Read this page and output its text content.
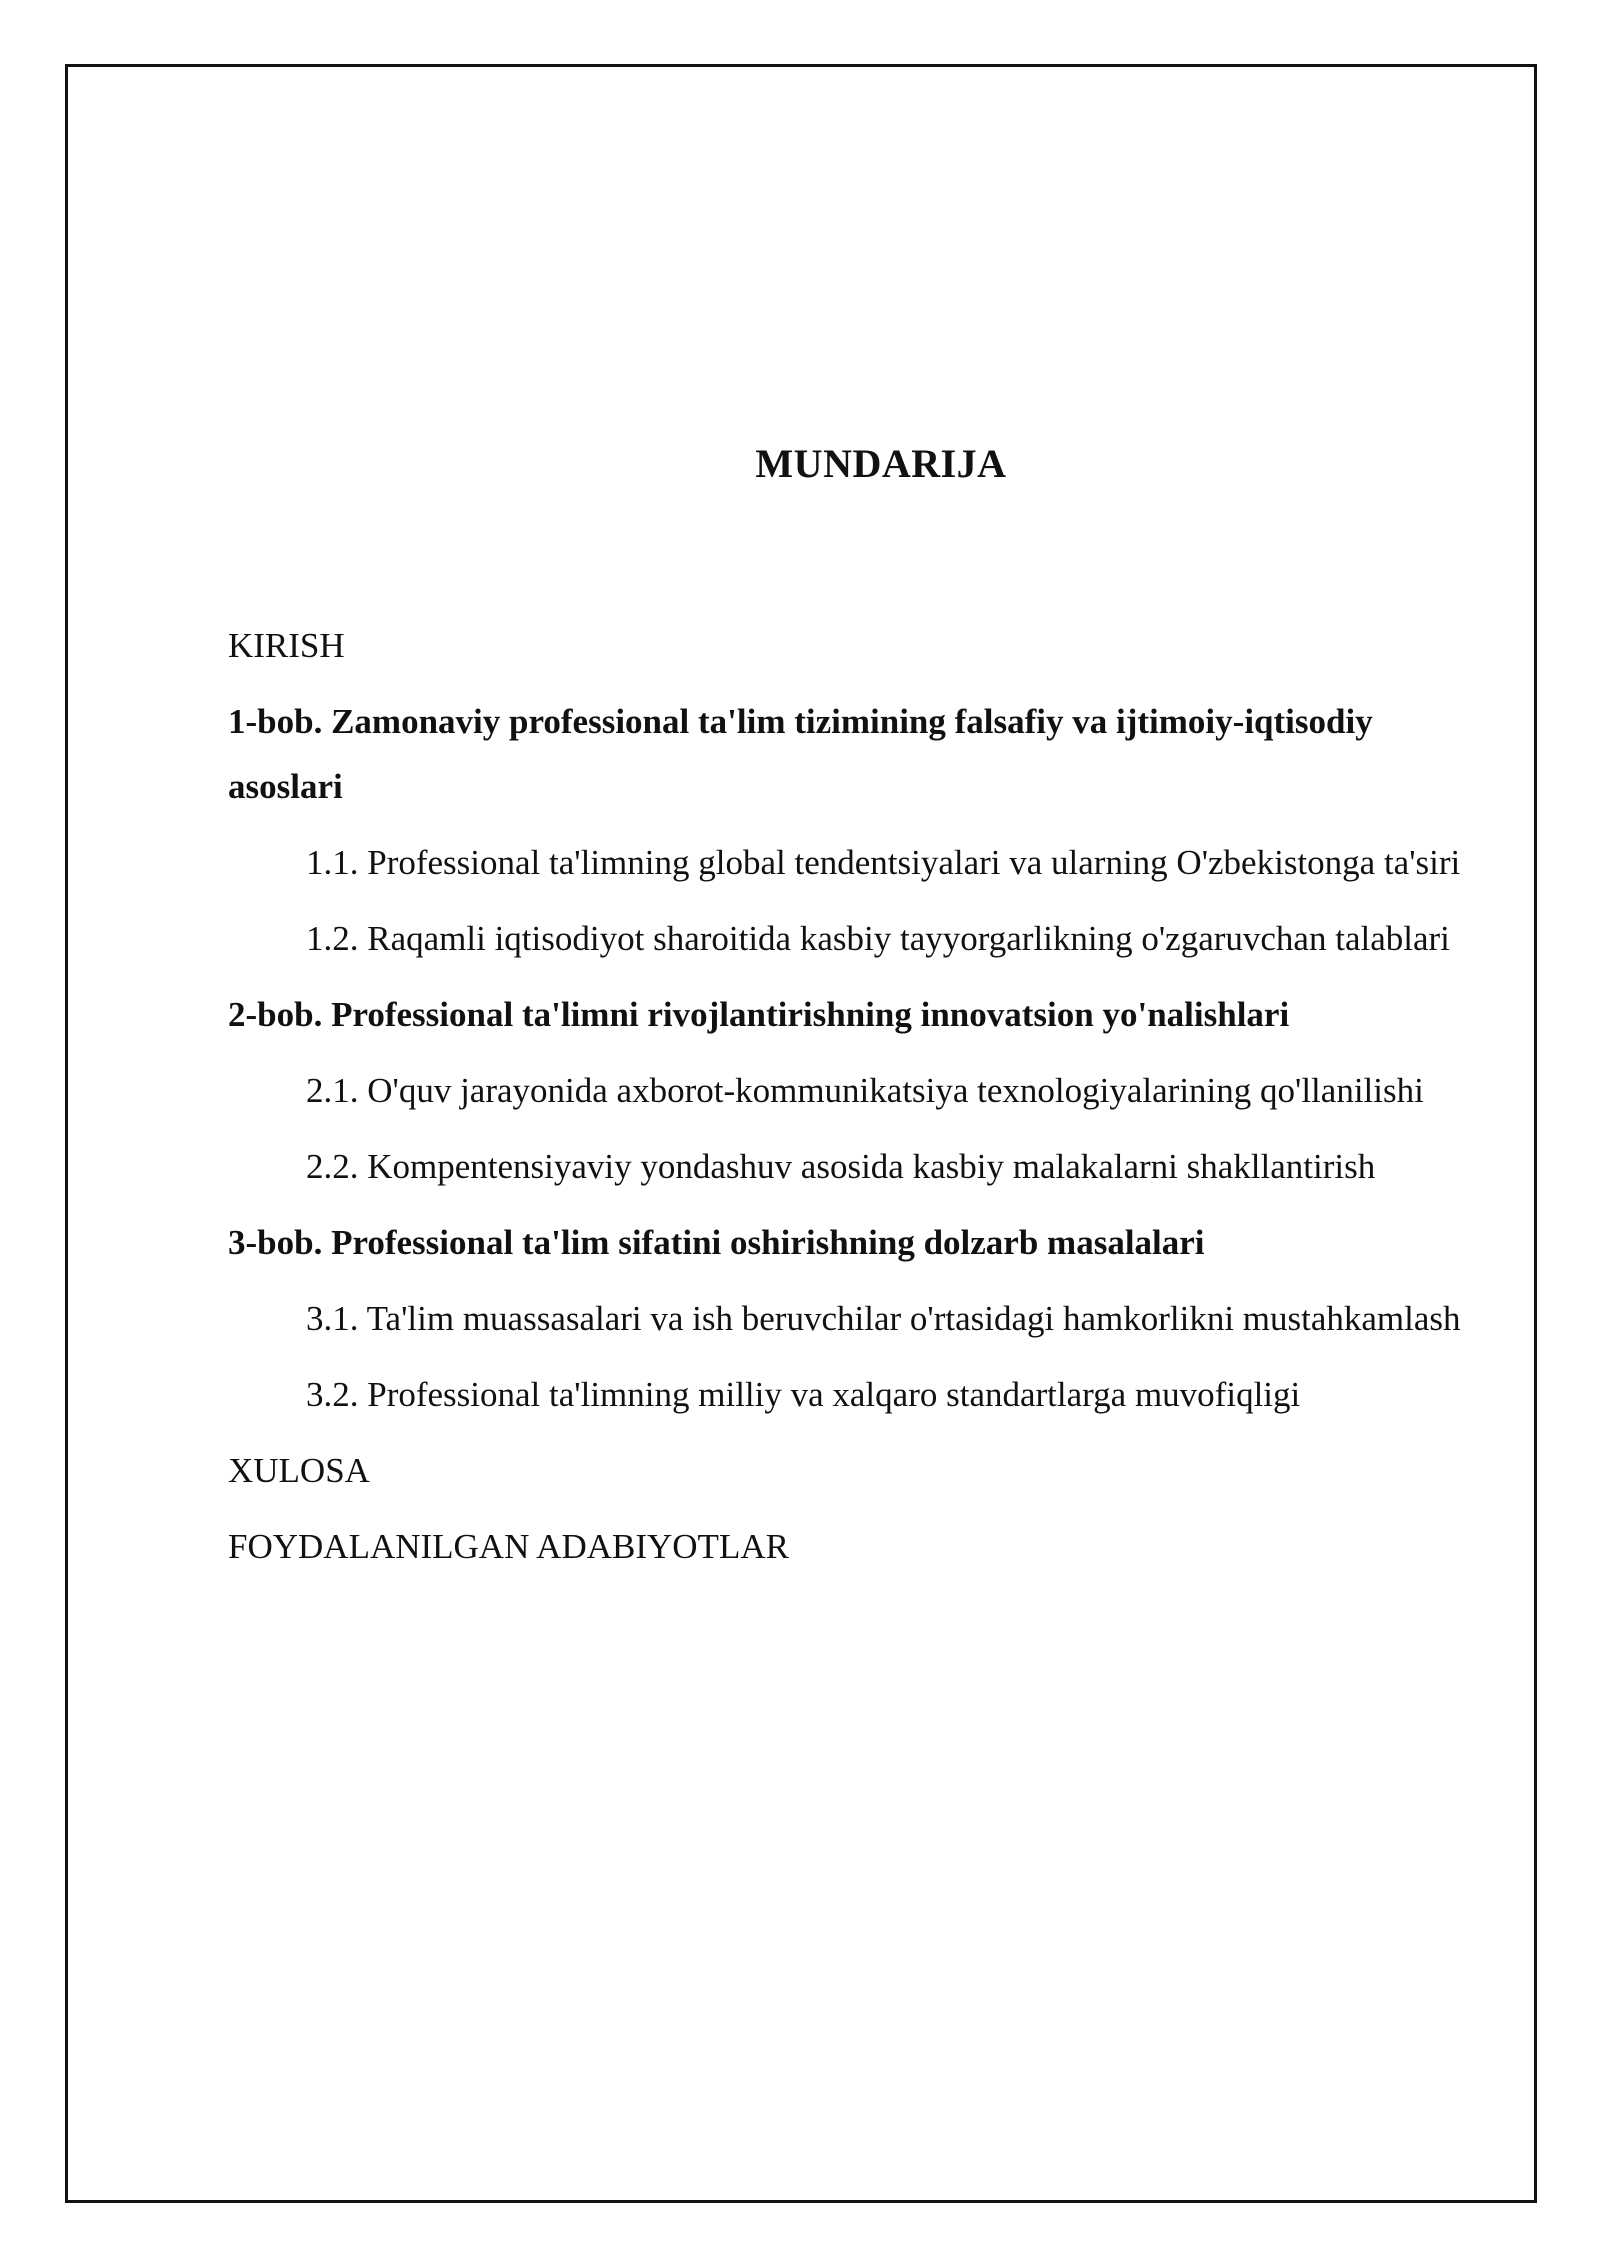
MUNDARIJA
KIRISH
1-bob. Zamonaviy professional ta'lim tizimining falsafiy va ijtimoiy-iqtisodiy asoslari
1.1. Professional ta'limning global tendentsiyalari va ularning O'zbekistonga ta'siri
1.2. Raqamli iqtisodiyot sharoitida kasbiy tayyorgarlikning o'zgaruvchan talablari
2-bob. Professional ta'limni rivojlantirishning innovatsion yo'nalishlari
2.1. O'quv jarayonida axborot-kommunikatsiya texnologiyalarining qo'llanilishi
2.2. Kompentensiyaviy yondashuv asosida kasbiy malakalarni shakllantirish
3-bob. Professional ta'lim sifatini oshirishning dolzarb masalalari
3.1. Ta'lim muassasalari va ish beruvchilar o'rtasidagi hamkorlikni mustahkamlash
3.2. Professional ta'limning milliy va xalqaro standartlarga muvofiqligi
XULOSA
FOYDALANILGAN ADABIYOTLAR
